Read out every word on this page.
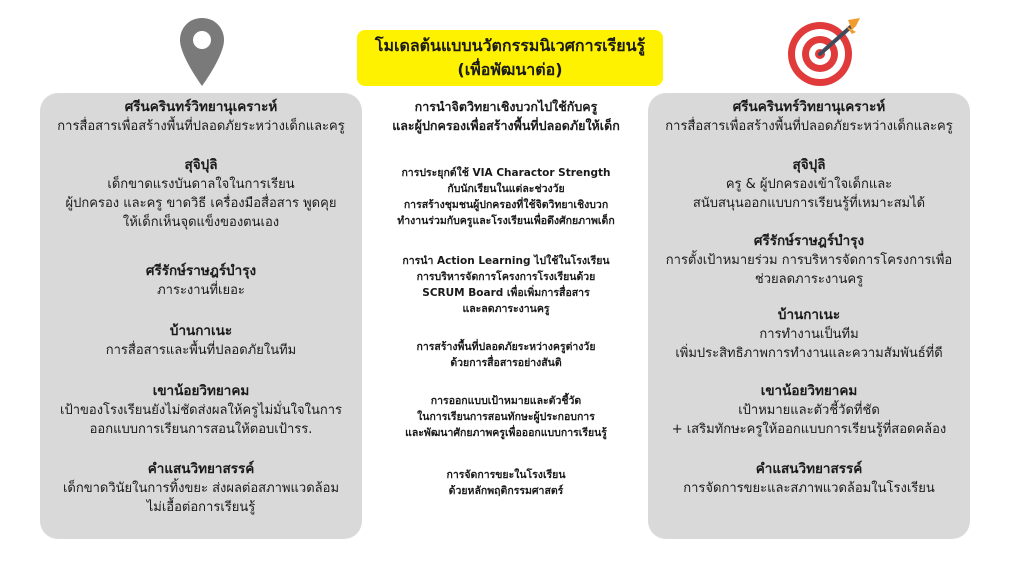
โมเดลต้นแบบนวัตกรรมนิเวศการเรียนรู้
(เพื่อพัฒนาต่อ)
ศรีนครินทร์วิทยานุเคราะห์
การสื่อสารเพื่อสร้างพื้นที่ปลอดภัยระหว่างเด็กและครู
สุจิปุลิ
เด็กขาดแรงบันดาลใจในการเรียน
ผู้ปกครอง และครู ขาดวิธี เครื่องมือสื่อสาร พูดคุย
ให้เด็กเห็นจุดแข็งของตนเอง
ศรีรักษ์ราษฎร์บำรุง
ภาระงานที่เยอะ
บ้านกาเนะ
การสื่อสารและพื้นที่ปลอดภัยในทีม
เขาน้อยวิทยาคม
เป้าของโรงเรียนยังไม่ชัดส่งผลให้ครูไม่มั่นใจในการ
ออกแบบการเรียนการสอนให้ตอบเป้ารร.
คำแสนวิทยาสรรค์
เด็กขาดวินัยในการทิ้งขยะ ส่งผลต่อสภาพแวดล้อม
ไม่เอื้อต่อการเรียนรู้
การนำจิตวิทยาเชิงบวกไปใช้กับครู
และผู้ปกครองเพื่อสร้างพื้นที่ปลอดภัยให้เด็ก
การประยุกต์ใช้ VIA Charactor Strength
กับนักเรียนในแต่ละช่วงวัย
การสร้างชุมชนผู้ปกครองที่ใช้จิตวิทยาเชิงบวก
ทำงานร่วมกับครูและโรงเรียนเพื่อดึงศักยภาพเด็ก
การนำ Action Learning ไปใช้ในโรงเรียน
การบริหารจัดการโครงการโรงเรียนด้วย
SCRUM Board เพื่อเพิ่มการสื่อสาร
และลดภาระงานครู
การสร้างพื้นที่ปลอดภัยระหว่างครูต่างวัย
ด้วยการสื่อสารอย่างสันติ
การออกแบบเป้าหมายและตัวชี้วัด
ในการเรียนการสอนทักษะผู้ประกอบการ
และพัฒนาศักยภาพครูเพื่อออกแบบการเรียนรู้
การจัดการขยะในโรงเรียน
ด้วยหลักพฤติกรรมศาสตร์
ศรีนครินทร์วิทยานุเคราะห์
การสื่อสารเพื่อสร้างพื้นที่ปลอดภัยระหว่างเด็กและครู
สุจิปุลิ
ครู & ผู้ปกครองเข้าใจเด็กและ
สนับสนุนออกแบบการเรียนรู้ที่เหมาะสมได้
ศรีรักษ์ราษฎร์บำรุง
การตั้งเป้าหมายร่วม การบริหารจัดการโครงการเพื่อ
ช่วยลดภาระงานครู
บ้านกาเนะ
การทำงานเป็นทีม
เพิ่มประสิทธิภาพการทำงานและความสัมพันธ์ที่ดี
เขาน้อยวิทยาคม
เป้าหมายและตัวชี้วัดที่ชัด
+ เสริมทักษะครูให้ออกแบบการเรียนรู้ที่สอดคล้อง
คำแสนวิทยาสรรค์
การจัดการขยะและสภาพแวดล้อมในโรงเรียน
